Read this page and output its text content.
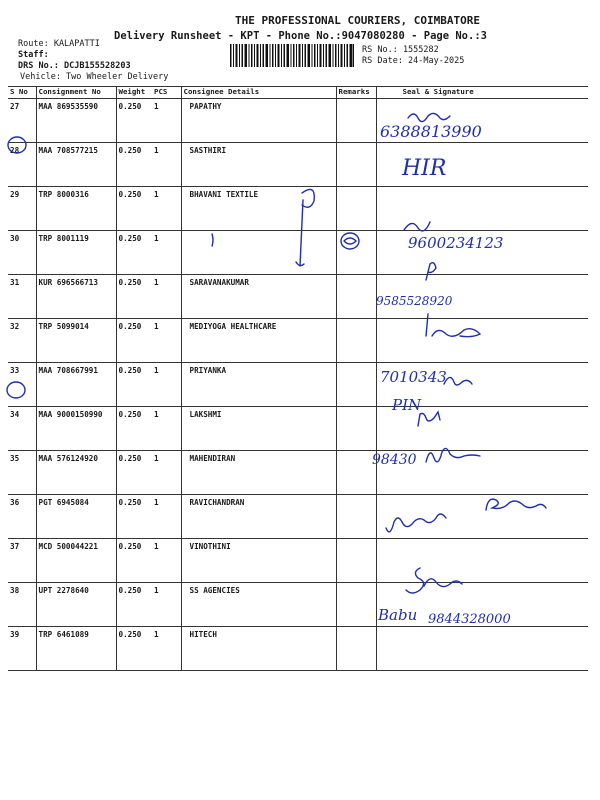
THE PROFESSIONAL COURIERS, COIMBATORE
Delivery Runsheet - KPT - Phone No.:9047080280 - Page No.:3
Route: KALAPATTI
Staff:
DRS No.: DCJB155528203
Vehicle: Two Wheeler Delivery
RS No.: 1555282
RS Date: 24-May-2025
S No	Consignment No	Weight	PCS	Consignee Details	Remarks	Seal & Signature
27	MAA 869535590	0.250	1	PAPATHY		
28	MAA 708577215	0.250	1	SASTHIRI		
29	TRP 8000316	0.250	1	BHAVANI TEXTILE		
30	TRP 8001119	0.250	1			
31	KUR 696566713	0.250	1	SARAVANAKUMAR		
32	TRP 5099014	0.250	1	MEDIYOGA HEALTHCARE		
33	MAA 708667991	0.250	1	PRIYANKA		
34	MAA 9000150990	0.250	1	LAKSHMI		
35	MAA 576124920	0.250	1	MAHENDIRAN		
36	PGT 6945084	0.250	1	RAVICHANDRAN		
37	MCD 500044221	0.250	1	VINOTHINI		
38	UPT 2278640	0.250	1	SS AGENCIES		
39	TRP 6461089	0.250	1	HITECH		
6388813990
HIR
9600234123
9585528920
7010343
PIN
98430
Babu 9844328000
